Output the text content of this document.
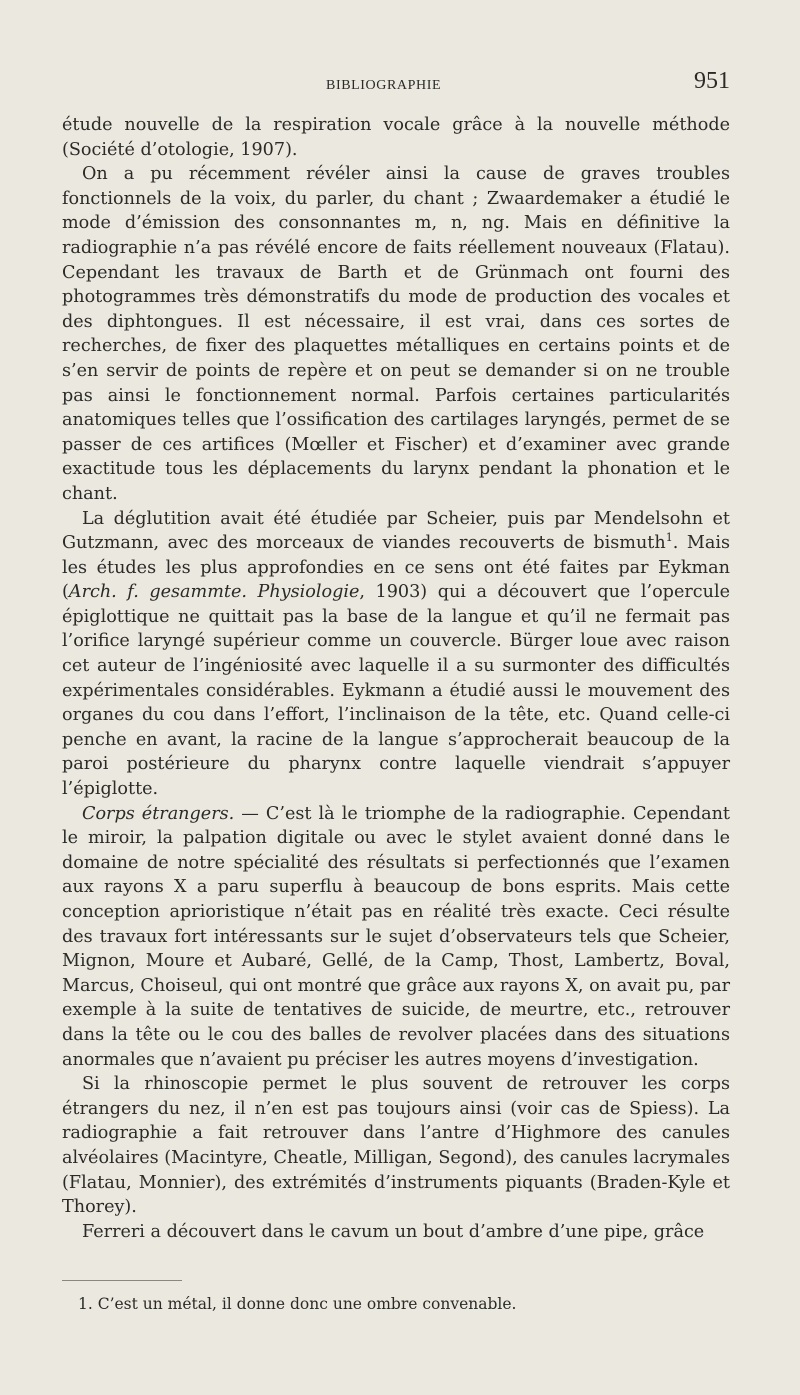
BIBLIOGRAPHIE	951

étude nouvelle de la respiration vocale grâce à la nouvelle méthode (Société d’otologie, 1907).

On a pu récemment révéler ainsi la cause de graves troubles fonctionnels de la voix, du parler, du chant ; Zwaardemaker a étudié le mode d’émission des consonnantes m, n, ng. Mais en définitive la radiographie n’a pas révélé encore de faits réellement nouveaux (Flatau). Cependant les travaux de Barth et de Grünmach ont fourni des photogrammes très démonstratifs du mode de production des vocales et des diphtongues. Il est nécessaire, il est vrai, dans ces sortes de recherches, de fixer des plaquettes métalliques en certains points et de s’en servir de points de repère et on peut se demander si on ne trouble pas ainsi le fonctionnement normal. Parfois certaines particularités anatomiques telles que l’ossification des cartilages laryngés, permet de se passer de ces artifices (Mœller et Fischer) et d’examiner avec grande exactitude tous les déplacements du larynx pendant la phonation et le chant.

La déglutition avait été étudiée par Scheier, puis par Mendelsohn et Gutzmann, avec des morceaux de viandes recouverts de bismuth$^1$. Mais les études les plus approfondies en ce sens ont été faites par Eykman (Arch. f. gesammte. Physiologie, 1903) qui a découvert que l’opercule épiglottique ne quittait pas la base de la langue et qu’il ne fermait pas l’orifice laryngé supérieur comme un couvercle. Bürger loue avec raison cet auteur de l’ingéniosité avec laquelle il a su surmonter des difficultés expérimentales considérables. Eykmann a étudié aussi le mouvement des organes du cou dans l’effort, l’inclinaison de la tête, etc. Quand celle-ci penche en avant, la racine de la langue s’approcherait beaucoup de la paroi postérieure du pharynx contre laquelle viendrait s’appuyer l’épiglotte.

Corps étrangers. — C’est là le triomphe de la radiographie. Cependant le miroir, la palpation digitale ou avec le stylet avaient donné dans le domaine de notre spécialité des résultats si perfectionnés que l’examen aux rayons X a paru superflu à beaucoup de bons esprits. Mais cette conception aprioristique n’était pas en réalité très exacte. Ceci résulte des travaux fort intéressants sur le sujet d’observateurs tels que Scheier, Mignon, Moure et Aubaré, Gellé, de la Camp, Thost, Lambertz, Boval, Marcus, Choiseul, qui ont montré que grâce aux rayons X, on avait pu, par exemple à la suite de tentatives de suicide, de meurtre, etc., retrouver dans la tête ou le cou des balles de revolver placées dans des situations anormales que n’avaient pu préciser les autres moyens d’investigation.

Si la rhinoscopie permet le plus souvent de retrouver les corps étrangers du nez, il n’en est pas toujours ainsi (voir cas de Spiess). La radiographie a fait retrouver dans l’antre d’Highmore des canules alvéolaires (Macintyre, Cheatle, Milligan, Segond), des canules lacrymales (Flatau, Monnier), des extrémités d’instruments piquants (Braden-Kyle et Thorey).

Ferreri a découvert dans le cavum un bout d’ambre d’une pipe, grâce

1. C’est un métal, il donne donc une ombre convenable.
